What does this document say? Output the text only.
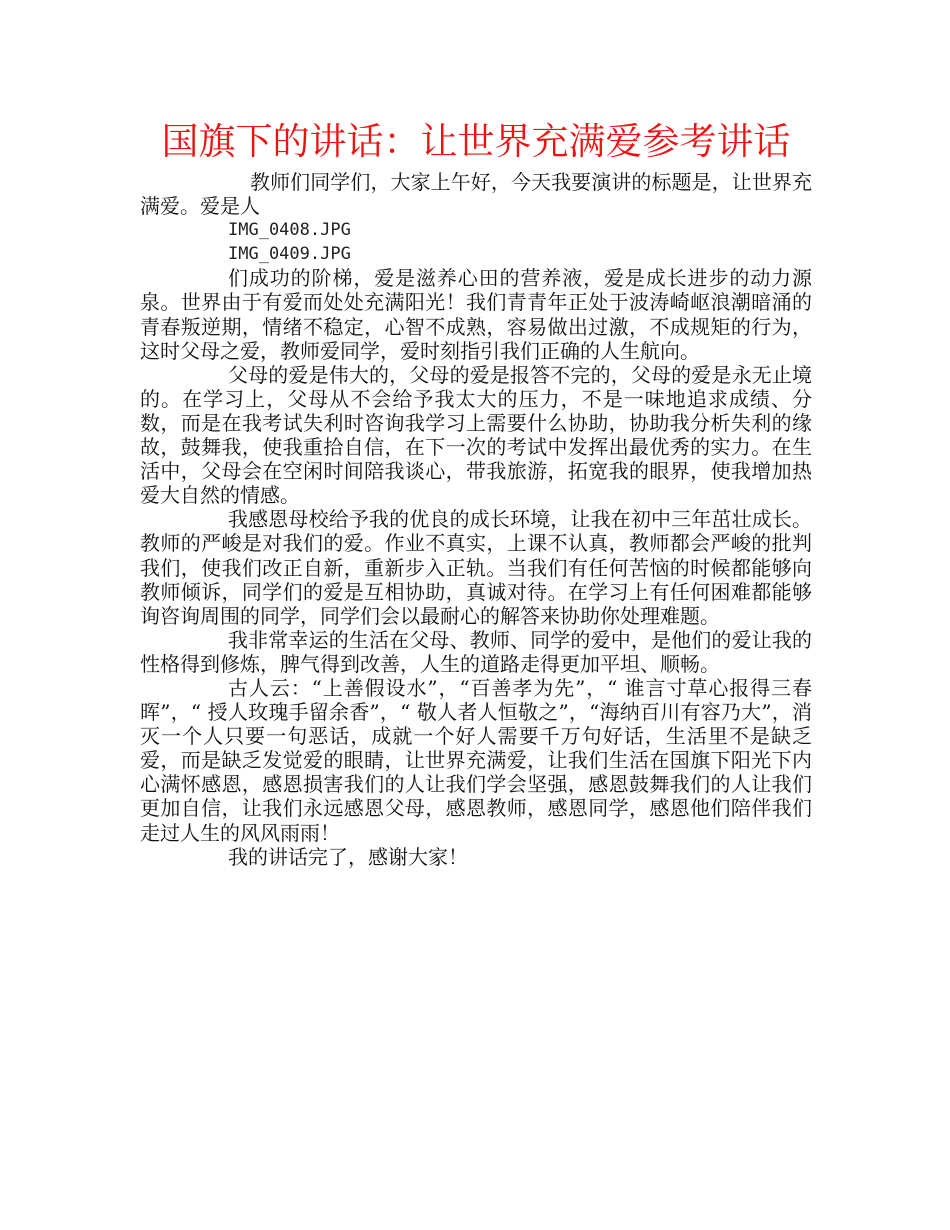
国旗下的讲话：让世界充满爱参考讲话

教师们同学们，大家上午好，今天我要演讲的标题是，让世界充满爱。爱是人

IMG_0408.JPG
IMG_0409.JPG

们成功的阶梯，爱是滋养心田的营养液，爱是成长进步的动力源泉。世界由于有爱而处处充满阳光！我们青青年正处于波涛崎岖浪潮暗涌的青春叛逆期，情绪不稳定，心智不成熟，容易做出过激，不成规矩的行为，这时父母之爱，教师爱同学，爱时刻指引我们正确的人生航向。

父母的爱是伟大的，父母的爱是报答不完的，父母的爱是永无止境的。在学习上，父母从不会给予我太大的压力，不是一味地追求成绩、分数，而是在我考试失利时咨询我学习上需要什么协助，协助我分析失利的缘故，鼓舞我，使我重拾自信，在下一次的考试中发挥出最优秀的实力。在生活中，父母会在空闲时间陪我谈心，带我旅游，拓宽我的眼界，使我增加热爱大自然的情感。

我感恩母校给予我的优良的成长环境，让我在初中三年茁壮成长。教师的严峻是对我们的爱。作业不真实，上课不认真，教师都会严峻的批判我们，使我们改正自新，重新步入正轨。当我们有任何苦恼的时候都能够向教师倾诉，同学们的爱是互相协助，真诚对待。在学习上有任何困难都能够询咨询周围的同学，同学们会以最耐心的解答来协助你处理难题。

我非常幸运的生活在父母、教师、同学的爱中，是他们的爱让我的性格得到修炼，脾气得到改善，人生的道路走得更加平坦、顺畅。

古人云：“上善假设水”，“百善孝为先”，“ 谁言寸草心报得三春晖”，“ 授人玫瑰手留余香”，“ 敬人者人恒敬之”，“海纳百川有容乃大”，消灭一个人只要一句恶话，成就一个好人需要千万句好话，生活里不是缺乏爱，而是缺乏发觉爱的眼睛，让世界充满爱，让我们生活在国旗下阳光下内心满怀感恩，感恩损害我们的人让我们学会坚强，感恩鼓舞我们的人让我们更加自信，让我们永远感恩父母，感恩教师，感恩同学，感恩他们陪伴我们走过人生的风风雨雨！

我的讲话完了，感谢大家！
